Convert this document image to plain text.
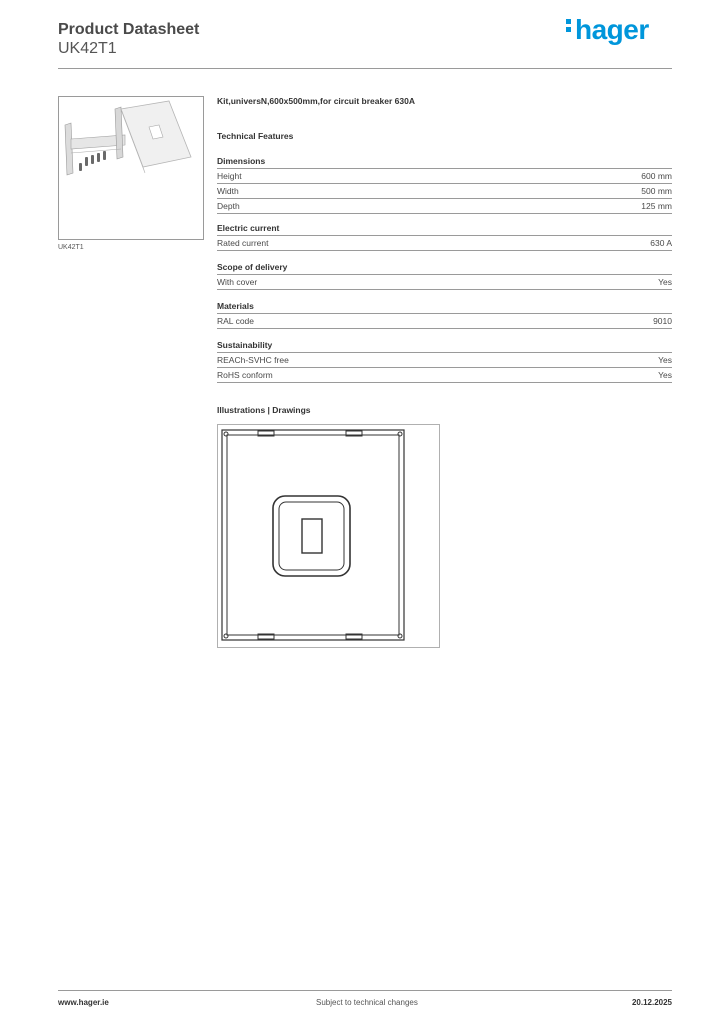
Product Datasheet
UK42T1
hager
UK42T1
Kit,universN,600x500mm,for circuit breaker 630A
Technical Features
Dimensions
Height	600 mm
Width	500 mm
Depth	125 mm
Electric current
Rated current	630 A
Scope of delivery
With cover	Yes
Materials
RAL code	9010
Sustainability
REACh-SVHC free	Yes
RoHS conform	Yes
Illustrations | Drawings
www.hager.ie	Subject to technical changes	20.12.2025
